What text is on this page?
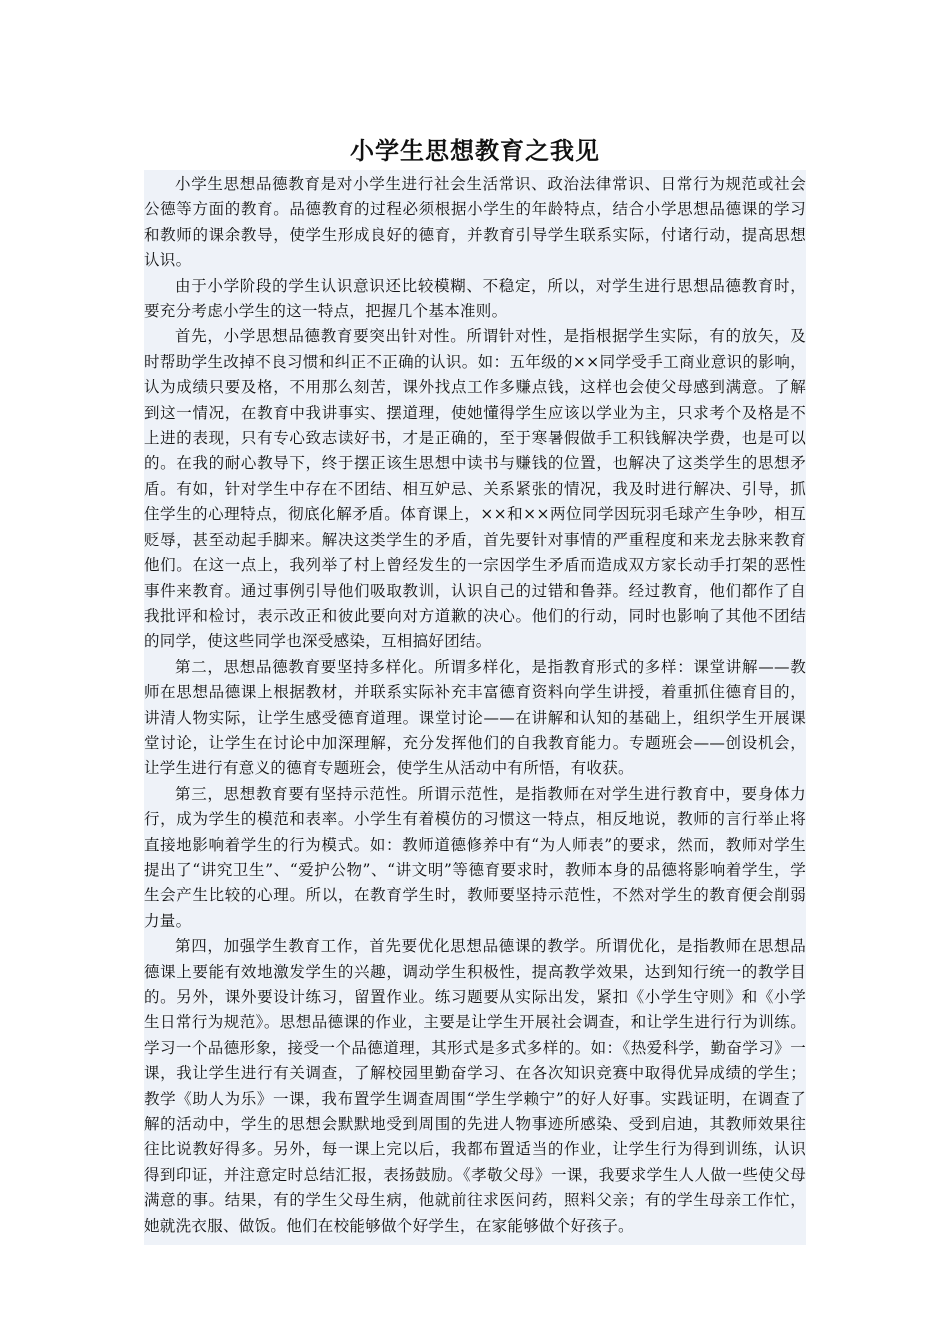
小学生思想教育之我见

小学生思想品德教育是对小学生进行社会生活常识、政治法律常识、日常行为规范或社会公德等方面的教育。品德教育的过程必须根据小学生的年龄特点，结合小学思想品德课的学习和教师的课余教导，使学生形成良好的德育，并教育引导学生联系实际，付诸行动，提高思想认识。

由于小学阶段的学生认识意识还比较模糊、不稳定，所以，对学生进行思想品德教育时，要充分考虑小学生的这一特点，把握几个基本准则。

首先，小学思想品德教育要突出针对性。所谓针对性，是指根据学生实际，有的放矢，及时帮助学生改掉不良习惯和纠正不正确的认识。如：五年级的××同学受手工商业意识的影响，认为成绩只要及格，不用那么刻苦，课外找点工作多赚点钱，这样也会使父母感到满意。了解到这一情况，在教育中我讲事实、摆道理，使她懂得学生应该以学业为主，只求考个及格是不上进的表现，只有专心致志读好书，才是正确的，至于寒暑假做手工积钱解决学费，也是可以的。在我的耐心教导下，终于摆正该生思想中读书与赚钱的位置，也解决了这类学生的思想矛盾。有如，针对学生中存在不团结、相互妒忌、关系紧张的情况，我及时进行解决、引导，抓住学生的心理特点，彻底化解矛盾。体育课上，××和××两位同学因玩羽毛球产生争吵，相互贬辱，甚至动起手脚来。解决这类学生的矛盾，首先要针对事情的严重程度和来龙去脉来教育他们。在这一点上，我列举了村上曾经发生的一宗因学生矛盾而造成双方家长动手打架的恶性事件来教育。通过事例引导他们吸取教训，认识自己的过错和鲁莽。经过教育，他们都作了自我批评和检讨，表示改正和彼此要向对方道歉的决心。他们的行动，同时也影响了其他不团结的同学，使这些同学也深受感染，互相搞好团结。

第二，思想品德教育要坚持多样化。所谓多样化，是指教育形式的多样：课堂讲解——教师在思想品德课上根据教材，并联系实际补充丰富德育资料向学生讲授，着重抓住德育目的，讲清人物实际，让学生感受德育道理。课堂讨论——在讲解和认知的基础上，组织学生开展课堂讨论，让学生在讨论中加深理解，充分发挥他们的自我教育能力。专题班会——创设机会，让学生进行有意义的德育专题班会，使学生从活动中有所悟，有收获。

第三，思想教育要有坚持示范性。所谓示范性，是指教师在对学生进行教育中，要身体力行，成为学生的模范和表率。小学生有着模仿的习惯这一特点，相反地说，教师的言行举止将直接地影响着学生的行为模式。如：教师道德修养中有“为人师表”的要求，然而，教师对学生提出了“讲究卫生”、“爱护公物”、“讲文明”等德育要求时，教师本身的品德将影响着学生，学生会产生比较的心理。所以，在教育学生时，教师要坚持示范性，不然对学生的教育便会削弱力量。

第四，加强学生教育工作，首先要优化思想品德课的教学。所谓优化，是指教师在思想品德课上要能有效地激发学生的兴趣，调动学生积极性，提高教学效果，达到知行统一的教学目的。另外，课外要设计练习，留置作业。练习题要从实际出发，紧扣《小学生守则》和《小学生日常行为规范》。思想品德课的作业，主要是让学生开展社会调查，和让学生进行行为训练。学习一个品德形象，接受一个品德道理，其形式是多式多样的。如：《热爱科学，勤奋学习》一课，我让学生进行有关调查，了解校园里勤奋学习、在各次知识竞赛中取得优异成绩的学生；教学《助人为乐》一课，我布置学生调查周围“学生学赖宁”的好人好事。实践证明，在调查了解的活动中，学生的思想会默默地受到周围的先进人物事迹所感染、受到启迪，其教师效果往往比说教好得多。另外，每一课上完以后，我都布置适当的作业，让学生行为得到训练，认识得到印证，并注意定时总结汇报，表扬鼓励。《孝敬父母》一课，我要求学生人人做一些使父母满意的事。结果，有的学生父母生病，他就前往求医问药，照料父亲；有的学生母亲工作忙，她就洗衣服、做饭。他们在校能够做个好学生，在家能够做个好孩子。
